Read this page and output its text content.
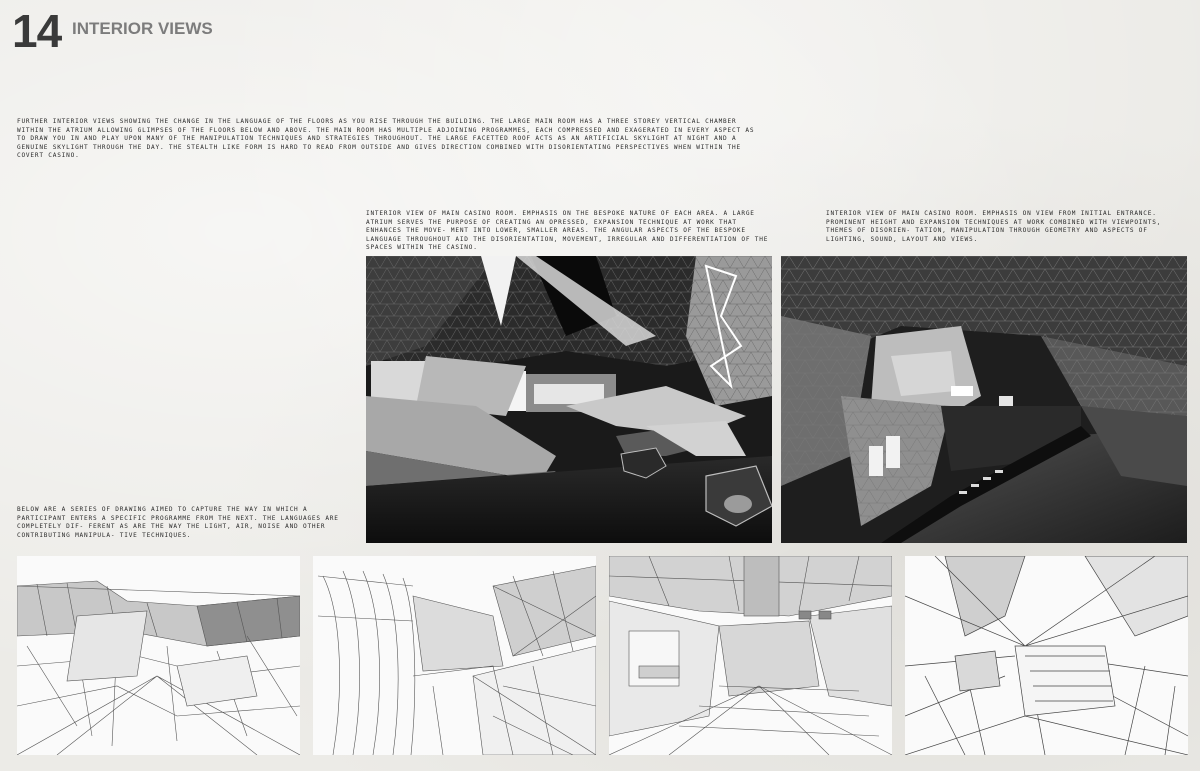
14 INTERIOR VIEWS
FURTHER INTERIOR VIEWS SHOWING THE CHANGE IN THE LANGUAGE OF THE FLOORS AS YOU RISE THROUGH THE BUILDING. THE LARGE MAIN ROOM HAS A THREE STOREY VERTICAL CHAMBER WITHIN THE ATRIUM ALLOWING GLIMPSES OF THE FLOORS BELOW AND ABOVE. THE MAIN ROOM HAS MULTIPLE ADJOINING PROGRAMMES, EACH COMPRESSED AND EXAGERATED IN EVERY ASPECT AS TO DRAW YOU IN AND PLAY UPON MANY OF THE MANIPULATION TECHNIQUES AND STRATEGIES THROUGHOUT. THE LARGE FACETTED ROOF ACTS AS AN ARTIFICIAL SKYLIGHT AT NIGHT AND A GENUINE SKYLIGHT THROUGH THE DAY. THE STEALTH LIKE FORM IS HARD TO READ FROM OUTSIDE AND GIVES DIRECTION COMBINED WITH DISORIENTATING PERSPECTIVES WHEN WITHIN THE COVERT CASINO.
INTERIOR VIEW OF MAIN CASINO ROOM. EMPHASIS ON THE BESPOKE NATURE OF EACH AREA. A LARGE ATRIUM SERVES THE PURPOSE OF CREATING AN OPRESSED, EXPANSION TECHNIQUE AT WORK THAT ENHANCES THE MOVE- MENT INTO LOWER, SMALLER AREAS. THE ANGULAR ASPECTS OF THE BESPOKE LANGUAGE THROUGHOUT AID THE DISORIENTATION, MOVEMENT, IRREGULAR AND DIFFERENTIATION OF THE SPACES WITHIN THE CASINO.
INTERIOR VIEW OF MAIN CASINO ROOM. EMPHASIS ON VIEW FROM INITIAL ENTRANCE. PROMINENT HEIGHT AND EXPANSION TECHNIQUES AT WORK COMBINED WITH VIEWPOINTS, THEMES OF DISORIEN- TATION, MANIPULATION THROUGH GEOMETRY AND ASPECTS OF LIGHTING, SOUND, LAYOUT AND VIEWS.
BELOW ARE A SERIES OF DRAWING AIMED TO CAPTURE THE WAY IN WHICH A PARTICIPANT ENTERS A SPECIFIC PROGRAMME FROM THE NEXT. THE LANGUAGES ARE COMPLETELY DIF- FERENT AS ARE THE WAY THE LIGHT, AIR, NOISE AND OTHER CONTRIBUTING MANIPULA- TIVE TECHNIQUES.
